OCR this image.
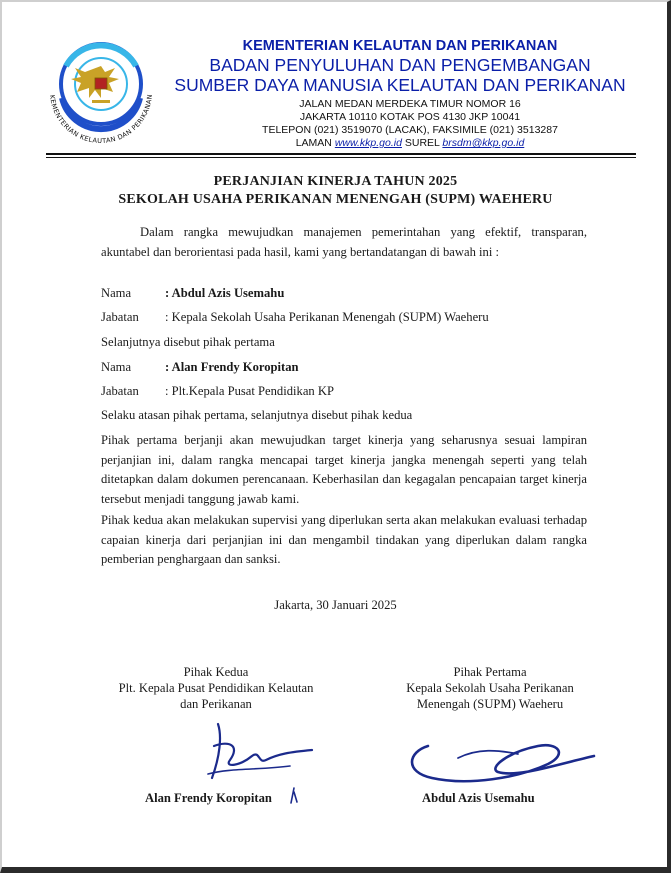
KEMENTERIAN KELAUTAN DAN PERIKANAN
KEMENTERIAN KELAUTAN DAN PERIKANAN
BADAN PENYULUHAN DAN PENGEMBANGAN
SUMBER DAYA MANUSIA KELAUTAN DAN PERIKANAN
JALAN MEDAN MERDEKA TIMUR NOMOR 16
JAKARTA 10110 KOTAK POS 4130 JKP 10041
TELEPON (021) 3519070 (LACAK), FAKSIMILE (021) 3513287
LAMAN www.kkp.go.id SUREL brsdm@kkp.go.id
PERJANJIAN KINERJA TAHUN 2025
SEKOLAH USAHA PERIKANAN MENENGAH (SUPM) WAEHERU

Dalam rangka mewujudkan manajemen pemerintahan yang efektif, transparan, akuntabel dan berorientasi pada hasil, kami yang bertandatangan di bawah ini :

Nama	: Abdul Azis Usemahu
Jabatan : Kepala Sekolah Usaha Perikanan Menengah (SUPM) Waeheru
Selanjutnya disebut pihak pertama
Nama	: Alan Frendy Koropitan
Jabatan : Plt.Kepala Pusat Pendidikan KP
Selaku atasan pihak pertama, selanjutnya disebut pihak kedua

Pihak pertama berjanji akan mewujudkan target kinerja yang seharusnya sesuai lampiran perjanjian ini, dalam rangka mencapai target kinerja jangka menengah seperti yang telah ditetapkan dalam dokumen perencanaan. Keberhasilan dan kegagalan pencapaian target kinerja tersebut menjadi tanggung jawab kami.

Pihak kedua akan melakukan supervisi yang diperlukan serta akan melakukan evaluasi terhadap capaian kinerja dari perjanjian ini dan mengambil tindakan yang diperlukan dalam rangka pemberian penghargaan dan sanksi.

Jakarta, 30 Januari 2025
Pihak Kedua
Plt. Kepala Pusat Pendidikan Kelautan
dan Perikanan
Pihak Pertama
Kepala Sekolah Usaha Perikanan
Menengah (SUPM) Waeheru
Alan Frendy Koropitan	Abdul Azis Usemahu
